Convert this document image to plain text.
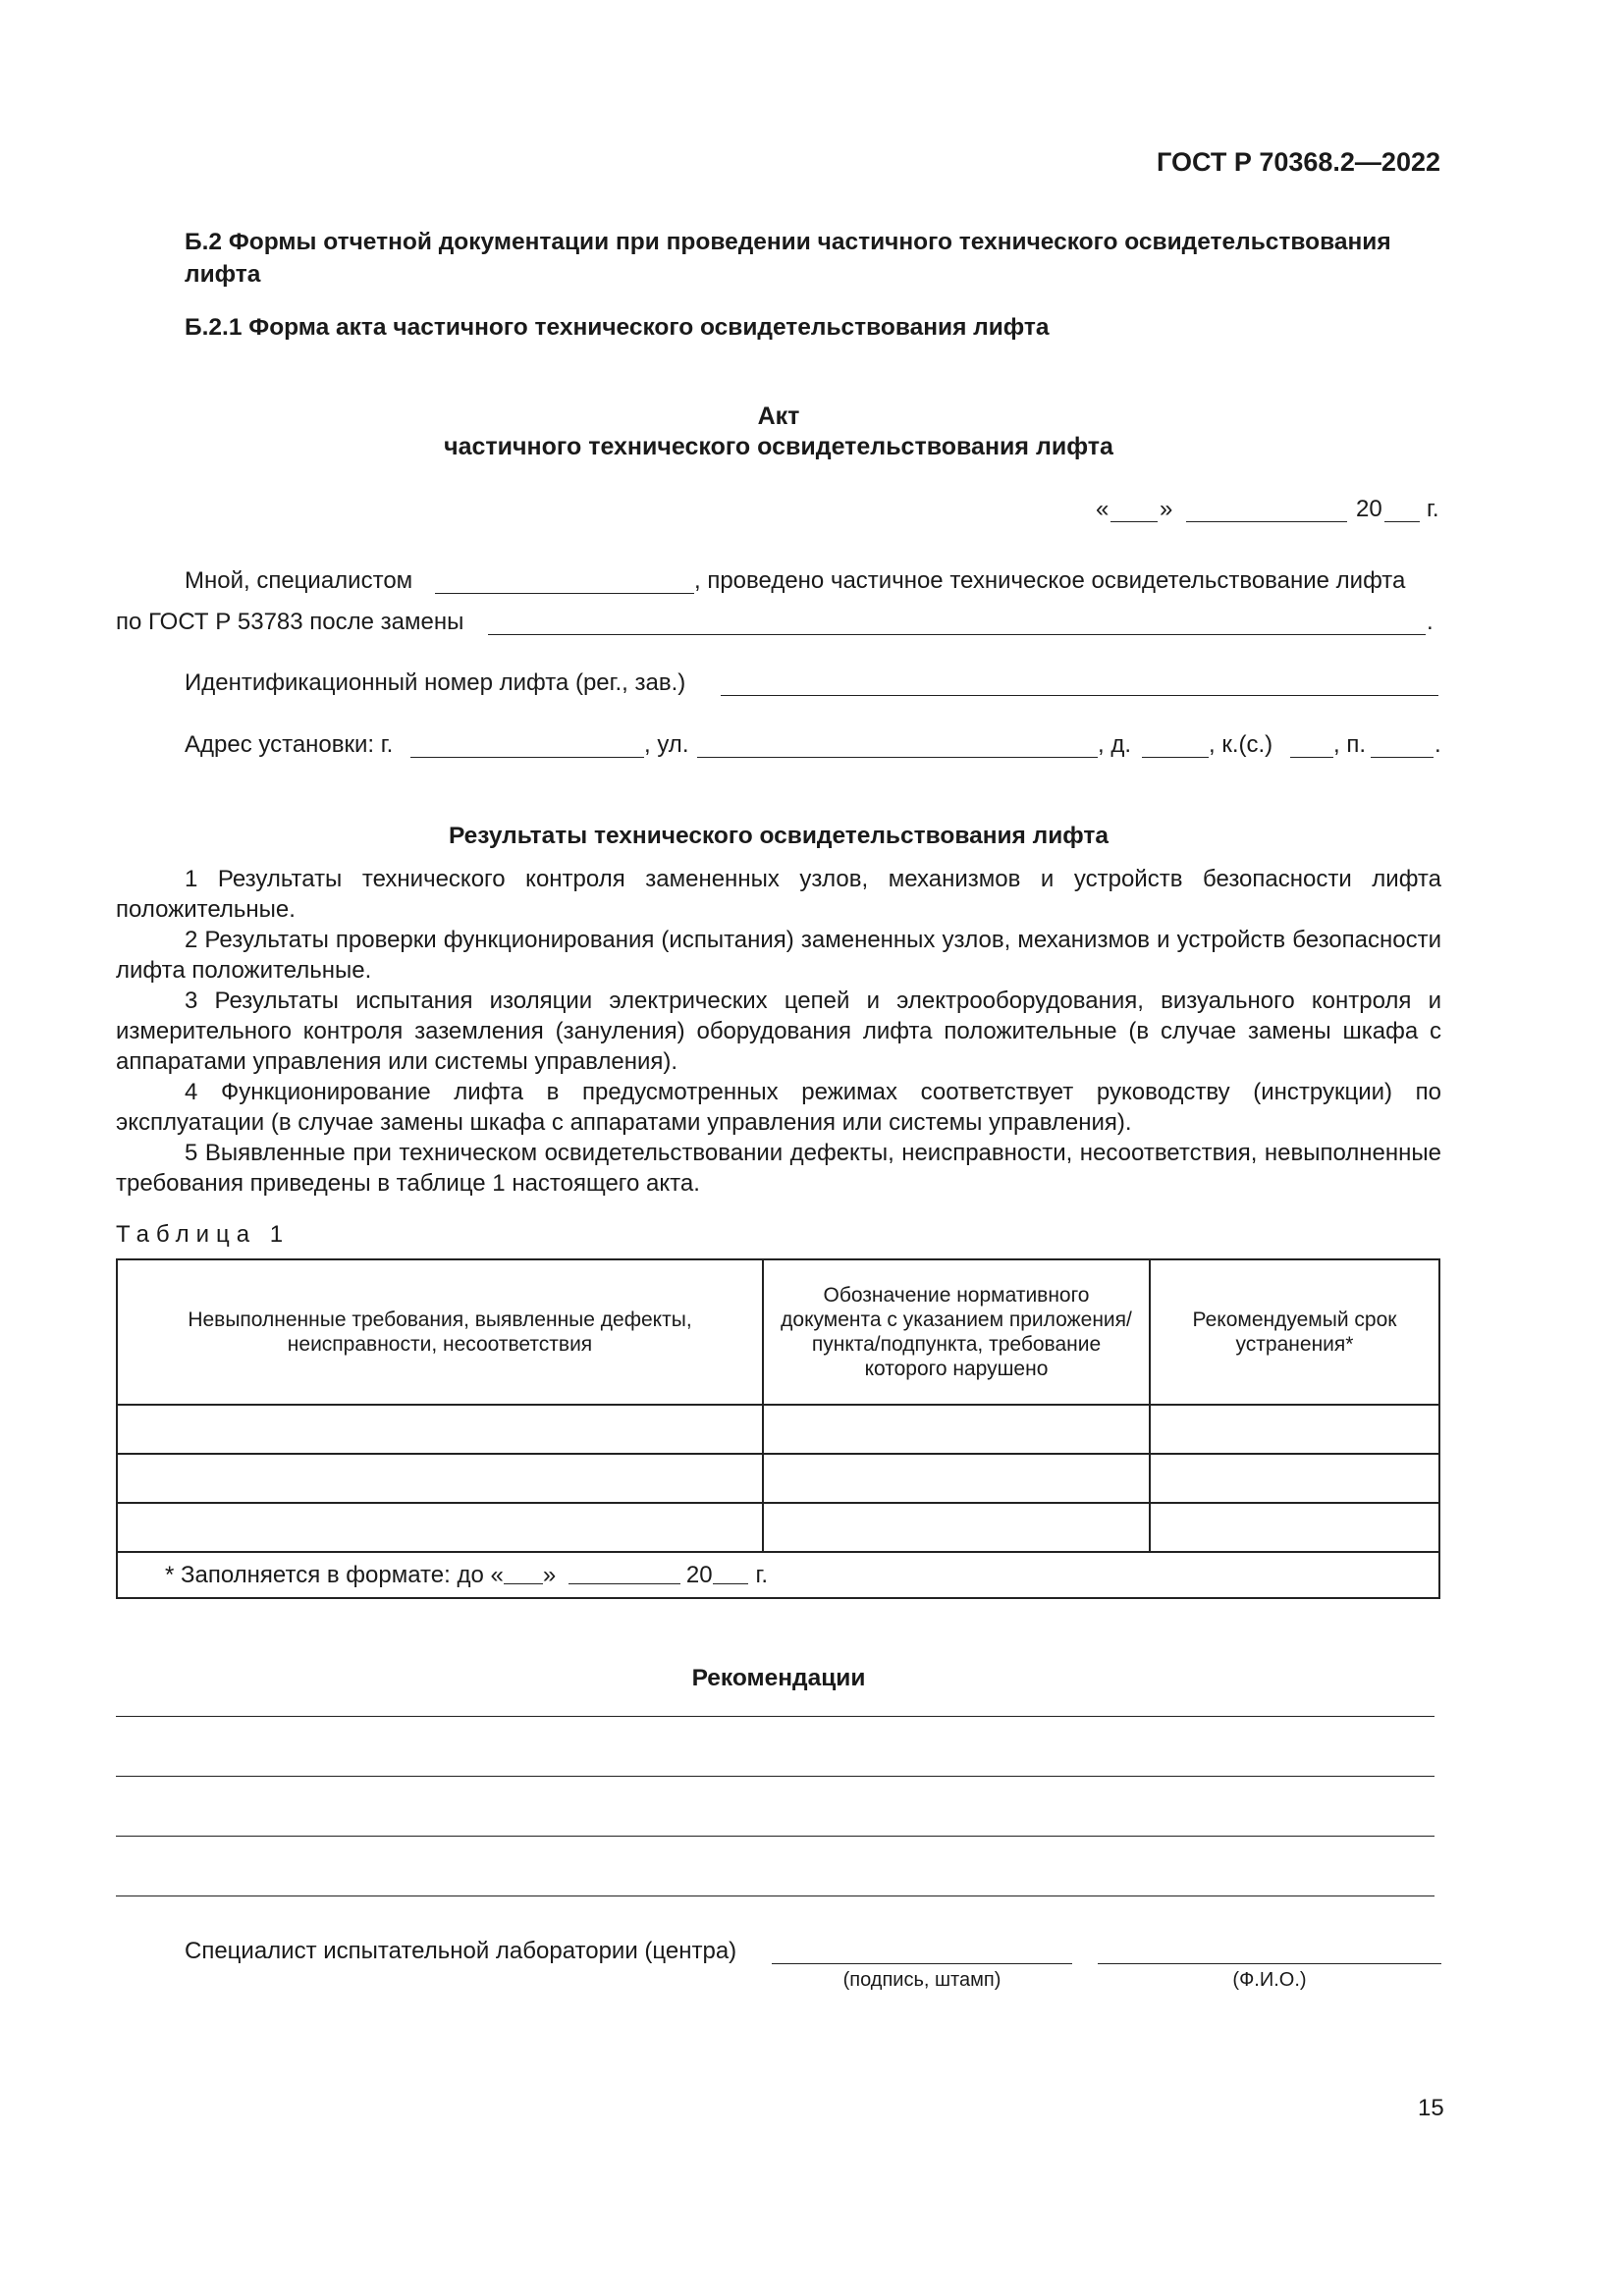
ГОСТ Р 70368.2—2022
Б.2 Формы отчетной документации при проведении частичного технического освидетельствования лифта
Б.2.1 Форма акта частичного технического освидетельствования лифта
Акт
частичного технического освидетельствования лифта
« »	20 г.
Мной, специалистом	, проведено частичное техническое освидетельствование лифта
по ГОСТ Р 53783 после замены	.
Идентификационный номер лифта (рег., зав.)
Адрес установки: г.	, ул.	, д.	, к.(с.)	, п.	.
Результаты технического освидетельствования лифта

1 Результаты технического контроля замененных узлов, механизмов и устройств безопасности лифта положительные.

2 Результаты проверки функционирования (испытания) замененных узлов, механизмов и устройств безопасности лифта положительные.

3 Результаты испытания изоляции электрических цепей и электрооборудования, визуального контроля и измерительного контроля заземления (зануления) оборудования лифта положительные (в случае замены шкафа с аппаратами управления или системы управления).

4 Функционирование лифта в предусмотренных режимах соответствует руководству (инструкции) по эксплуатации (в случае замены шкафа с аппаратами управления или системы управления).

5 Выявленные при техническом освидетельствовании дефекты, неисправности, несоответствия, невыполненные требования приведены в таблице 1 настоящего акта.

Таблица 1
Невыполненные требования, выявленные дефекты, неисправности, несоответствия	Обозначение нормативного документа с указанием приложения/пункта/подпункта, требование которого нарушено	Рекомендуемый срок устранения*

* Заполняется в формате: до « » 20 г.		
Рекомендации
Специалист испытательной лаборатории (центра)
(подпись, штамп)	(Ф.И.О.)
15
